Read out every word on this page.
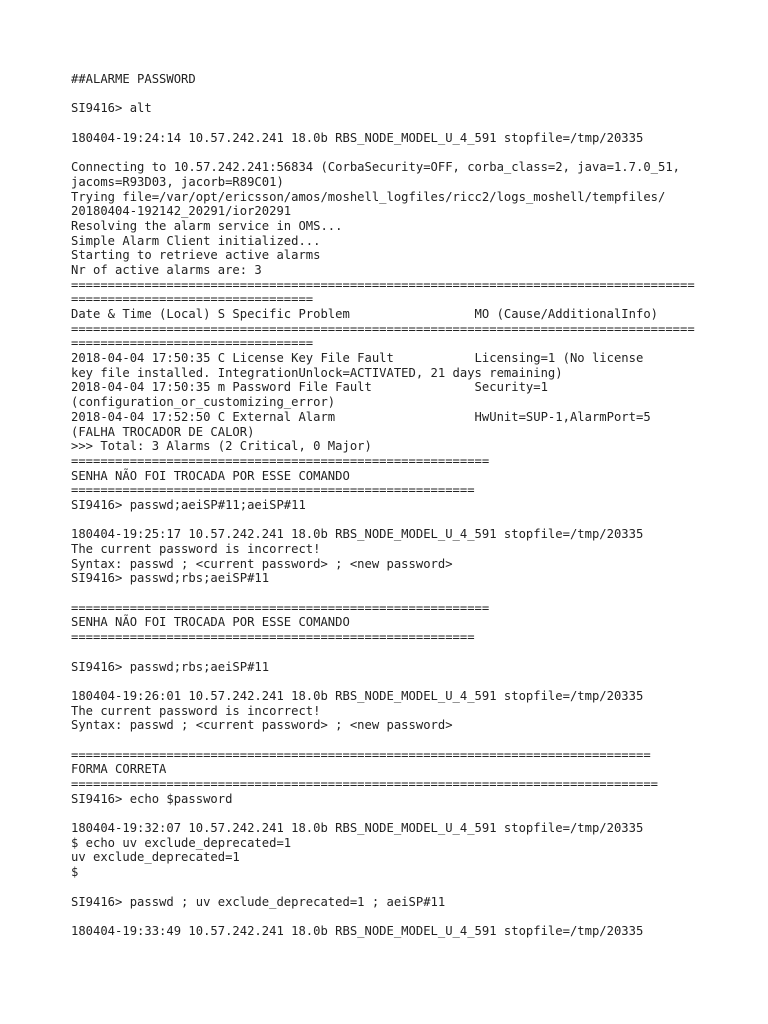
##ALARME PASSWORD
SI9416> alt
180404-19:24:14 10.57.242.241 18.0b RBS_NODE_MODEL_U_4_591 stopfile=/tmp/20335
Connecting to 10.57.242.241:56834 (CorbaSecurity=OFF, corba_class=2, java=1.7.0_51,
jacoms=R93D03, jacorb=R89C01)
Trying file=/var/opt/ericsson/amos/moshell_logfiles/ricc2/logs_moshell/tempfiles/
20180404-192142_20291/ior20291
Resolving the alarm service in OMS...
Simple Alarm Client initialized...
Starting to retrieve active alarms
Nr of active alarms are: 3
=====================================================================================
=================================
Date & Time (Local) S Specific Problem                 MO (Cause/AdditionalInfo)
=====================================================================================
=================================
2018-04-04 17:50:35 C License Key File Fault           Licensing=1 (No license
key file installed. IntegrationUnlock=ACTIVATED, 21 days remaining)
2018-04-04 17:50:35 m Password File Fault              Security=1
(configuration_or_customizing_error)
2018-04-04 17:52:50 C External Alarm                   HwUnit=SUP-1,AlarmPort=5
(FALHA TROCADOR DE CALOR)
>>> Total: 3 Alarms (2 Critical, 0 Major)
=========================================================
SENHA NÃO FOI TROCADA POR ESSE COMANDO
=======================================================
SI9416> passwd;aeiSP#11;aeiSP#11
180404-19:25:17 10.57.242.241 18.0b RBS_NODE_MODEL_U_4_591 stopfile=/tmp/20335
The current password is incorrect!
Syntax: passwd ; <current password> ; <new password>
SI9416> passwd;rbs;aeiSP#11
=========================================================
SENHA NÃO FOI TROCADA POR ESSE COMANDO
=======================================================
SI9416> passwd;rbs;aeiSP#11
180404-19:26:01 10.57.242.241 18.0b RBS_NODE_MODEL_U_4_591 stopfile=/tmp/20335
The current password is incorrect!
Syntax: passwd ; <current password> ; <new password>
===============================================================================
FORMA CORRETA
================================================================================
SI9416> echo $password
180404-19:32:07 10.57.242.241 18.0b RBS_NODE_MODEL_U_4_591 stopfile=/tmp/20335
$ echo uv exclude_deprecated=1
uv exclude_deprecated=1
$
SI9416> passwd ; uv exclude_deprecated=1 ; aeiSP#11
180404-19:33:49 10.57.242.241 18.0b RBS_NODE_MODEL_U_4_591 stopfile=/tmp/20335
